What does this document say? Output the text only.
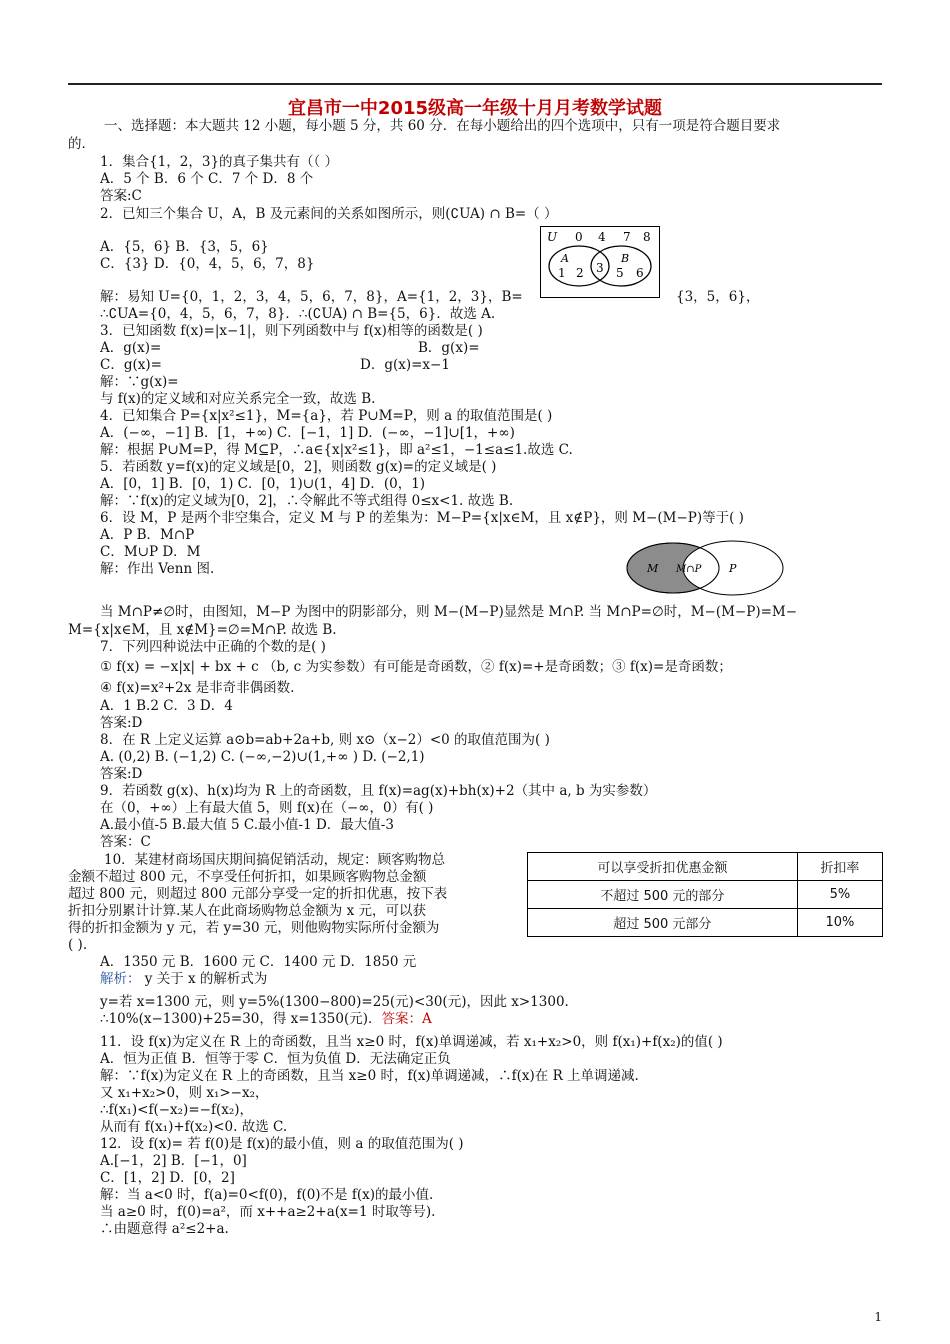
宜昌市一中2015级高一年级十月月考数学试题
一、选择题：本大题共 12 小题，每小题 5 分，共 60 分．在每小题给出的四个选项中，只有一项是符合题目要求
的．
1．集合{1，2，3}的真子集共有（（ ）
A．5 个 B．6 个 C．7 个 D．8 个
答案:C
2．已知三个集合 U，A，B 及元素间的关系如图所示，则(∁UA) ∩ B=（ ）
A．{5，6} B．{3，5，6}
C．{3} D．{0，4，5，6，7，8}
U 0 4 7 8
A	B
1 2 3 5 6
解：易知 U={0，1，2，3，4，5，6，7，8}，A={1，2，3}，B=	{3，5，6}，
∴∁UA={0，4，5，6，7，8}．∴(∁UA) ∩ B={5，6}．故选 A.
3．已知函数 f(x)=|x−1|，则下列函数中与 f(x)相等的函数是( )
A．g(x)=	B．g(x)=
C．g(x)=	D．g(x)=x−1
解：∵g(x)=
与 f(x)的定义域和对应关系完全一致，故选 B.
4．已知集合 P={x|x²≤1}，M={a}，若 P∪M=P，则 a 的取值范围是( )
A．(−∞，−1] B．[1，+∞) C．[−1，1] D．(−∞，−1]∪[1，+∞)
解：根据 P∪M=P，得 M⊆P，∴a∈{x|x²≤1}，即 a²≤1，−1≤a≤1.故选 C.
5．若函数 y=f(x)的定义域是[0，2]，则函数 g(x)=的定义域是( )
A．[0，1] B．[0，1) C．[0，1)∪(1，4] D．(0，1)
解：∵f(x)的定义域为[0，2]，∴令解此不等式组得 0≤x<1. 故选 B.
6．设 M，P 是两个非空集合，定义 M 与 P 的差集为：M−P={x|x∈M，且 x∉P}，则 M−(M−P)等于( )
A．P B．M∩P
C．M∪P D．M
解：作出 Venn 图.	M M∩P	P
当 M∩P≠∅时，由图知，M−P 为图中的阴影部分，则 M−(M−P)显然是 M∩P. 当 M∩P=∅时，M−(M−P)=M−
M={x|x∈M，且 x∉M}=∅=M∩P. 故选 B.
7．下列四种说法中正确的个数的是( )
① f(x) = −x|x| + bx + c （b, c 为实参数）有可能是奇函数，② f(x)=+是奇函数；③ f(x)=是奇函数；
④ f(x)=x²+2x 是非奇非偶函数.
A．1 B.2 C．3 D．4
答案:D
8．在 R 上定义运算 a⊙b=ab+2a+b, 则 x⊙（x−2）<0 的取值范围为( )
A. (0,2) B. (−1,2) C. (−∞,−2)∪(1,+∞ ) D. (−2,1)
答案:D
9．若函数 g(x)、h(x)均为 R 上的奇函数，且 f(x)=ag(x)+bh(x)+2（其中 a, b 为实参数）
在（0，+∞）上有最大值 5，则 f(x)在（−∞，0）有( )
A.最小值-5 B.最大值 5 C.最小值-1 D．最大值-3
答案：C
10．某建材商场国庆期间搞促销活动，规定：顾客购物总
金额不超过 800 元，不享受任何折扣，如果顾客购物总金额
超过 800 元，则超过 800 元部分享受一定的折扣优惠，按下表
折扣分别累计计算.某人在此商场购物总金额为 x 元，可以获
得的折扣金额为 y 元，若 y=30 元，则他购物实际所付金额为
( ).
可以享受折扣优惠金额	折扣率
不超过 500 元的部分	5%
超过 500 元部分	10%
A．1350 元 B．1600 元 C．1400 元 D．1850 元
解析： y 关于 x 的解析式为
y=若 x=1300 元，则 y=5%(1300−800)=25(元)<30(元)，因此 x>1300.
∴10%(x−1300)+25=30，得 x=1350(元)．答案：A
11．设 f(x)为定义在 R 上的奇函数，且当 x≥0 时，f(x)单调递减，若 x₁+x₂>0，则 f(x₁)+f(x₂)的值( )
A．恒为正值 B．恒等于零 C．恒为负值 D．无法确定正负
解：∵f(x)为定义在 R 上的奇函数，且当 x≥0 时，f(x)单调递减，∴f(x)在 R 上单调递减.
又 x₁+x₂>0，则 x₁>−x₂，
∴f(x₁)<f(−x₂)=−f(x₂)，
从而有 f(x₁)+f(x₂)<0. 故选 C.
12．设 f(x)= 若 f(0)是 f(x)的最小值，则 a 的取值范围为( )
A.[−1，2] B．[−1，0]
C．[1，2] D．[0，2]
解：当 a<0 时，f(a)=0<f(0)，f(0)不是 f(x)的最小值.
当 a≥0 时，f(0)=a²，而 x++a≥2+a(x=1 时取等号).
∴由题意得 a²≤2+a.
1
